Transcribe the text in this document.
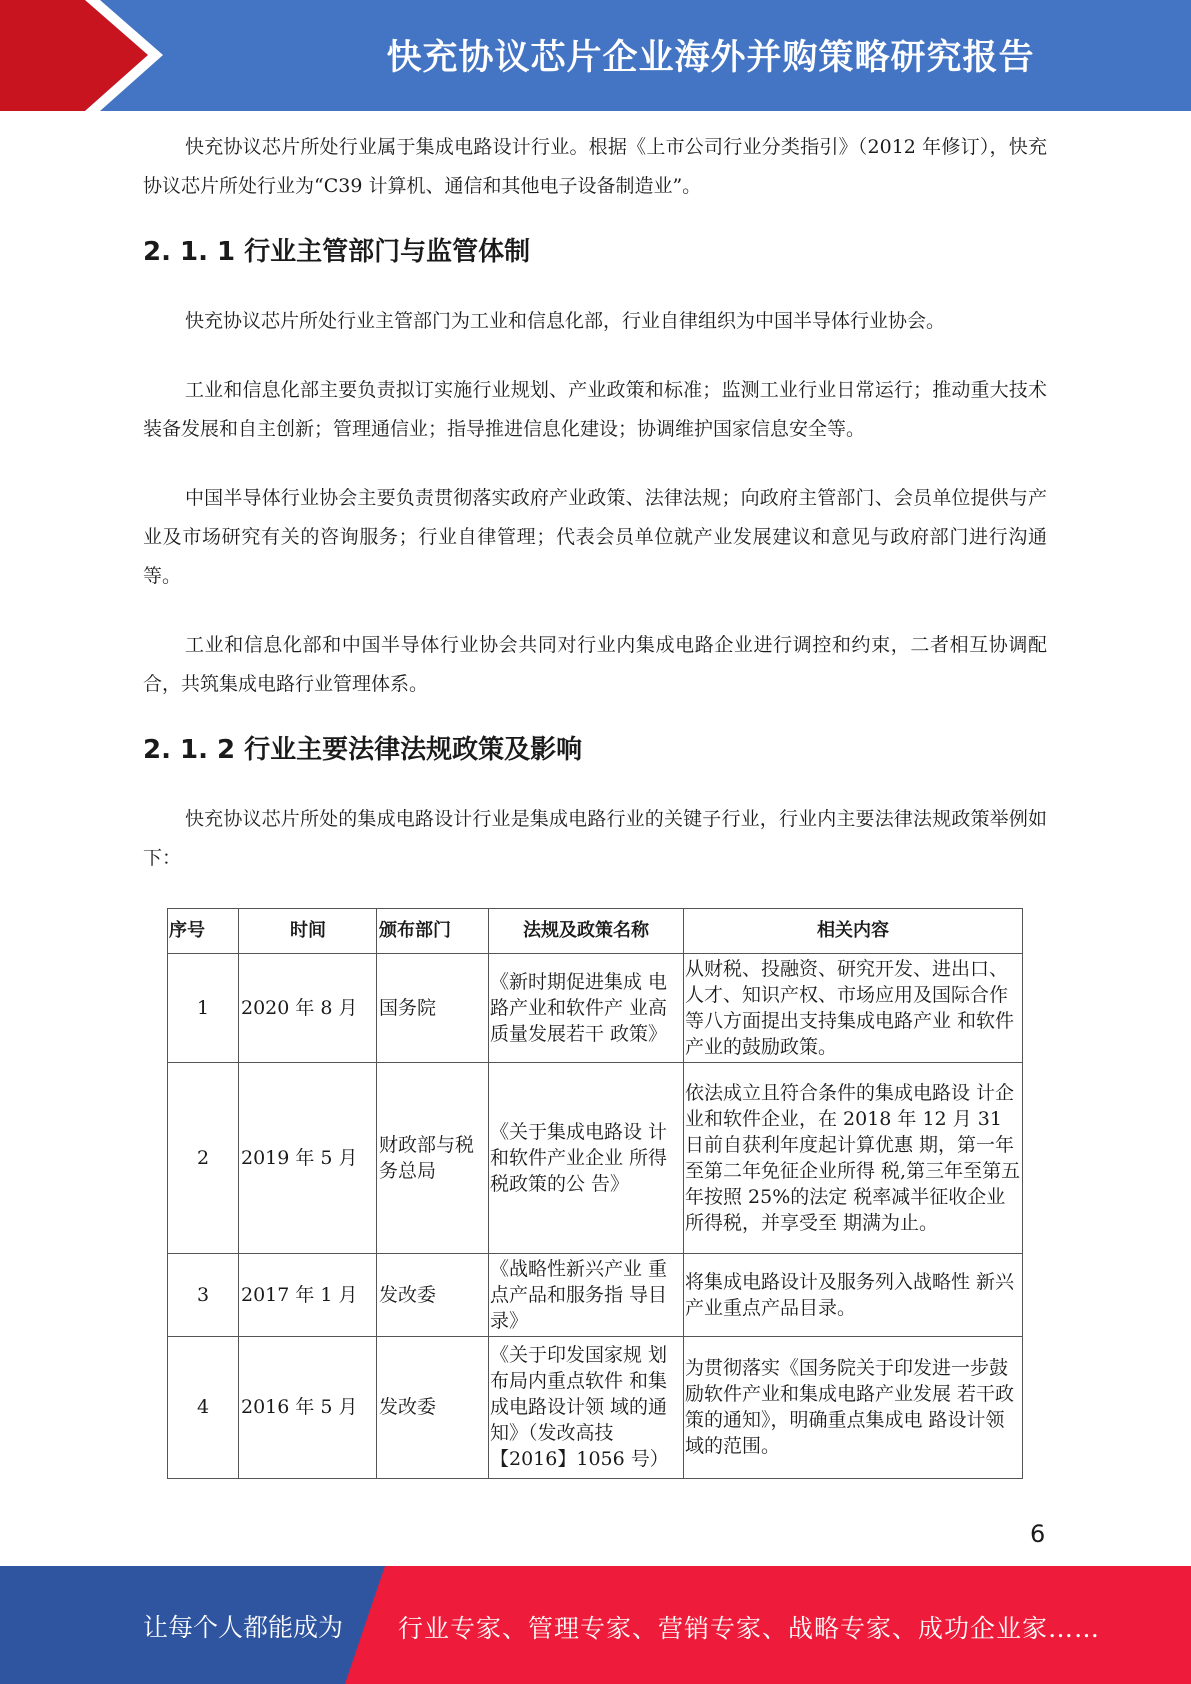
快充协议芯片企业海外并购策略研究报告

快充协议芯片所处行业属于集成电路设计行业。根据《上市公司行业分类指引》（2012 年修订），快充协议芯片所处行业为“C39 计算机、通信和其他电子设备制造业”。

2. 1. 1 行业主管部门与监管体制

快充协议芯片所处行业主管部门为工业和信息化部，行业自律组织为中国半导体行业协会。

工业和信息化部主要负责拟订实施行业规划、产业政策和标准；监测工业行业日常运行；推动重大技术装备发展和自主创新；管理通信业；指导推进信息化建设；协调维护国家信息安全等。

中国半导体行业协会主要负责贯彻落实政府产业政策、法律法规；向政府主管部门、会员单位提供与产业及市场研究有关的咨询服务；行业自律管理；代表会员单位就产业发展建议和意见与政府部门进行沟通等。

工业和信息化部和中国半导体行业协会共同对行业内集成电路企业进行调控和约束，二者相互协调配合，共筑集成电路行业管理体系。

2. 1. 2 行业主要法律法规政策及影响

快充协议芯片所处的集成电路设计行业是集成电路行业的关键子行业，行业内主要法律法规政策举例如下：

序号	时间	颁布部门	法规及政策名称	相关内容
1	2020 年 8 月	国务院	《新时期促进集成 电路产业和软件产 业高质量发展若干 政策》	从财税、投融资、研究开发、进出口、人才、知识产权、市场应用及国际合作等八方面提出支持集成电路产业 和软件产业的鼓励政策。
2	2019 年 5 月	财政部与税务总局	《关于集成电路设 计和软件产业企业 所得税政策的公 告》	依法成立且符合条件的集成电路设 计企业和软件企业，在 2018 年 12 月 31 日前自获利年度起计算优惠 期，第一年至第二年免征企业所得 税,第三年至第五年按照 25%的法定 税率减半征收企业所得税，并享受至 期满为止。
3	2017 年 1 月	发改委	《战略性新兴产业 重点产品和服务指 导目录》	将集成电路设计及服务列入战略性 新兴产业重点产品目录。
4	2016 年 5 月	发改委	《关于印发国家规 划布局内重点软件 和集成电路设计领 域的通知》（发改高技【2016】1056 号）	为贯彻落实《国务院关于印发进一步鼓励软件产业和集成电路产业发展 若干政策的通知》，明确重点集成电 路设计领域的范围。
6
让每个人都能成为 行业专家、管理专家、营销专家、战略专家、成功企业家……
